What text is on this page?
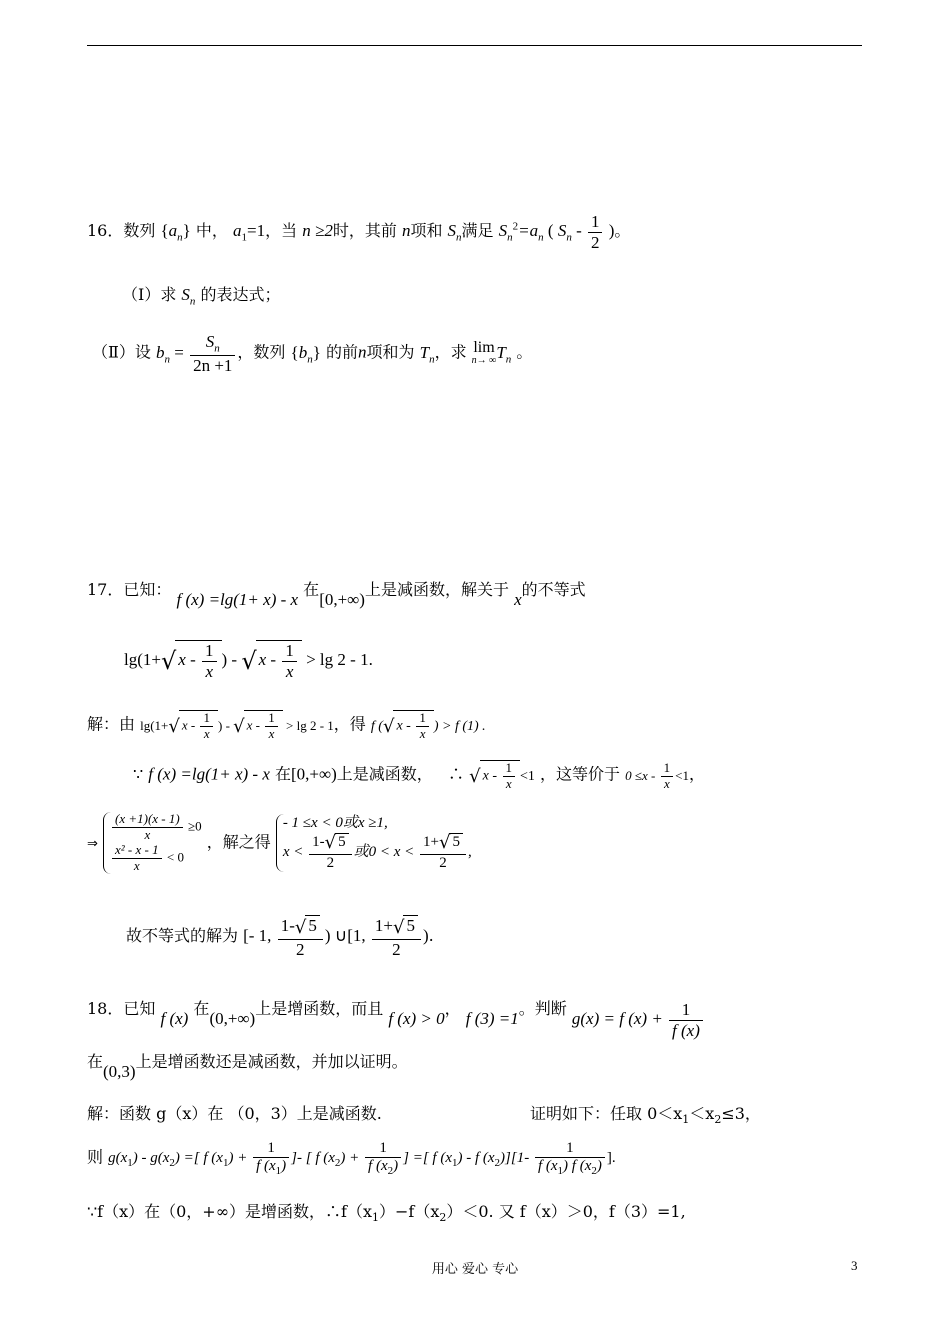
16．数列 $\{a_n\}$ 中， $a_1=1$，当 n ≥2时，其前 n项和 $S_n$满足 $S_n^2=a_n$ ( $S_n - \frac{1}{2}$ )。
（Ⅰ）求 $S_n$ 的表达式；
（Ⅱ）设 $b_n = \frac{S_n}{2n +1}$ ，数列 $\{b_n\}$ 的前n项和为 $T_n$，求 lim
n→ ∞ $T_n$ 。
17．已知： f (x) =lg(1+ x) - x 在[0,+∞)上是减函数，解关于 x的不等式
lg(1+√ x - $\frac{1}{x}$ ) - √ $x - \frac{1}{x} > \lg 2 - 1$.
解：由 lg(1+√ x - $\frac{1}{x}$ ) - √ $x - \frac{1}{x} > \lg 2 - 1$，得 f (√ x - $\frac{1}{x}$ ) > f (1) .
∵ f (x) =lg(1+ x) - x 在[0,+∞)上是减函数， ∴ √ $x - \frac{1}{x} <1$ ，这等价于 $0 \le x - \frac{1}{x} <1$，
⇒ $\frac{(x +1)(x - 1)}{x} \ge 0$
$\frac{\text{x² - x - 1}}{x} < 0$
，解之得
- 1 ≤x < 0或x ≥1,
$x < \frac{1-√ 5}{2}$ 或$0 < x < \frac{1+√ 5}{2}$ ,
故不等式的解为 [- 1, $\frac{1-√ 5}{2}$ ) ∪[1, $\frac{1+√ 5}{2}$ ).
18．已知 f (x) 在(0,+∞)上是增函数，而且 f (x) > 0， f (3) =1。判断 g(x) = f $(x) + \frac{1}{f (x)}$
在(0,3)上是增函数还是减函数，并加以证明。
解：函数 g（x）在 （0，3）上是减函数.	证明如下：任取 $0<x_1<x_2\le 3$，
则 $g(x_1) - g(x_2)$ =[ f $(x_1) + \frac{1}{f (x_1)}$ ]- [ f $(x_2) + \frac{1}{f (x_2)}$ ] =[ f $(x_1)$ - f $(x_2)][1- \frac{1}{f (x_1) f (x_2)}$ ].
∵f（x）在（0，+∞）是增函数，$\therefore f(x_1)-f(x_2)<0$. 又 f（x）＞0，f（3）=1,
用心 爱心 专心	3
